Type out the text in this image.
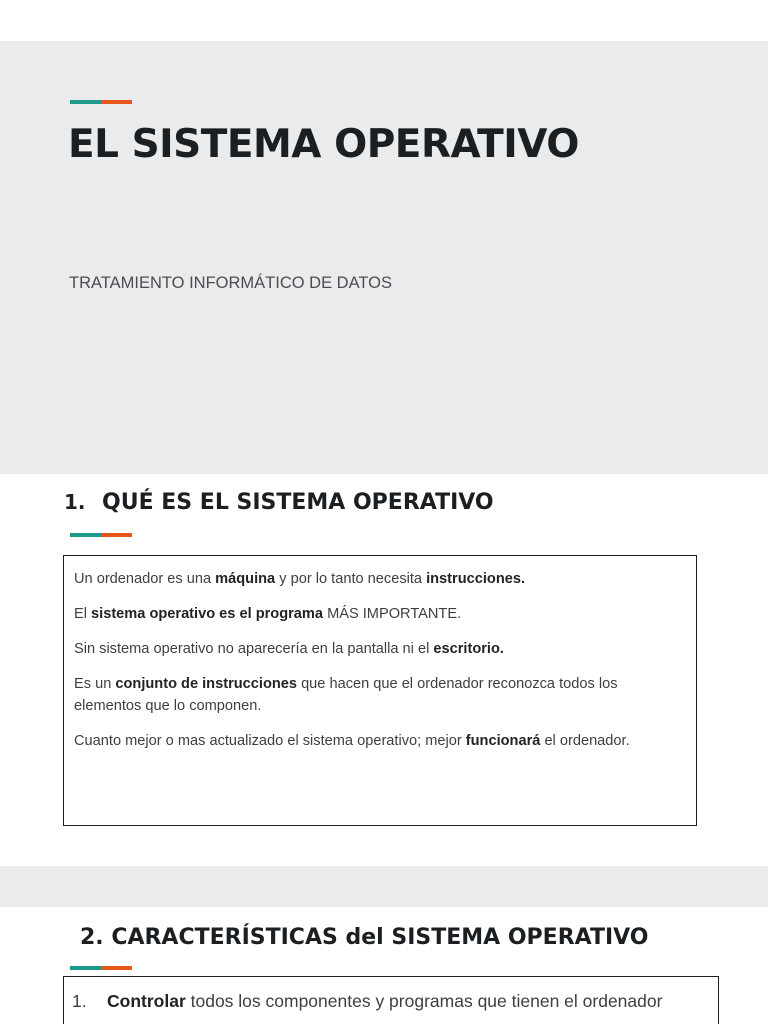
EL SISTEMA OPERATIVO

TRATAMIENTO INFORMÁTICO DE DATOS

1. QUÉ ES EL SISTEMA OPERATIVO

Un ordenador es una máquina y por lo tanto necesita instrucciones.

El sistema operativo es el programa MÁS IMPORTANTE.

Sin sistema operativo no aparecería en la pantalla ni el escritorio.

Es un conjunto de instrucciones que hacen que el ordenador reconozca todos los elementos que lo componen.

Cuanto mejor o mas actualizado el sistema operativo; mejor funcionará el ordenador.

2. CARACTERÍSTICAS del SISTEMA OPERATIVO
1. Controlar todos los componentes y programas que tienen el ordenador
